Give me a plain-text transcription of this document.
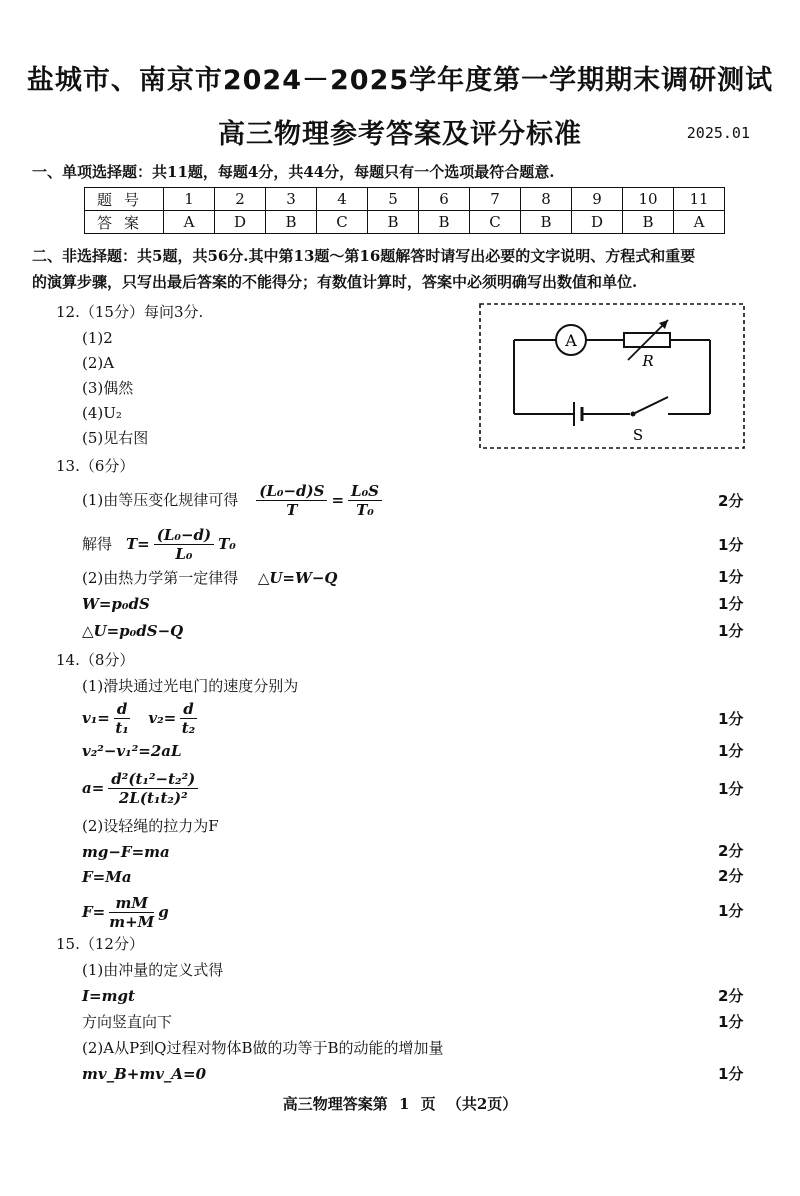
盐城市、南京市2024－2025学年度第一学期期末调研测试
高三物理参考答案及评分标准	2025.01
一、单项选择题：共11题，每题4分，共44分，每题只有一个选项最符合题意.
题号	1	2	3	4	5	6	7	8	9	10	11
答案	A	D	B	C	B	B	C	B	D	B	A
二、非选择题：共5题，共56分.其中第13题～第16题解答时请写出必要的文字说明、方程式和重要
的演算步骤，只写出最后答案的不能得分；有数值计算时，答案中必须明确写出数值和单位.
12.（15分）每问3分.
(1)2
(2)A
(3)偶然
(4)U₂
(5)见右图
A
R
S
13.（6分）
(1)由等压变化规律可得 $\frac{\text{(L₀−d)S}}{T} = \frac{\text{L₀S}}{\text{T₀}}$	2分
解得 $T= \frac{\text{(L₀−d)}}{\text{L₀}} T_0$	1分
(2)由热力学第一定律得 △U=W−Q	1分
W=p₀dS	1分
△U=p₀dS−Q	1分
14.（8分）
(1)滑块通过光电门的速度分别为
$v_1= \frac{d}{\text{t₁}} v_2= \frac{d}{\text{t₂}}$	1分
v₂²−v₁²=2aL	1分
$a= \frac{\text{d²(t₁²−t₂²)}}{\text{2L(t₁t₂)²}}$	1分
(2)设轻绳的拉力为F
mg−F=ma	2分
F=Ma	2分
$F= \frac{mM}{m+M}$ g	1分
15.（12分）
(1)由冲量的定义式得
I=mgt	2分
方向竖直向下	1分
(2)A从P到Q过程对物体B做的功等于B的动能的增加量
mv_B+mv_A=0	1分
高三物理答案第 1 页 （共2页）
